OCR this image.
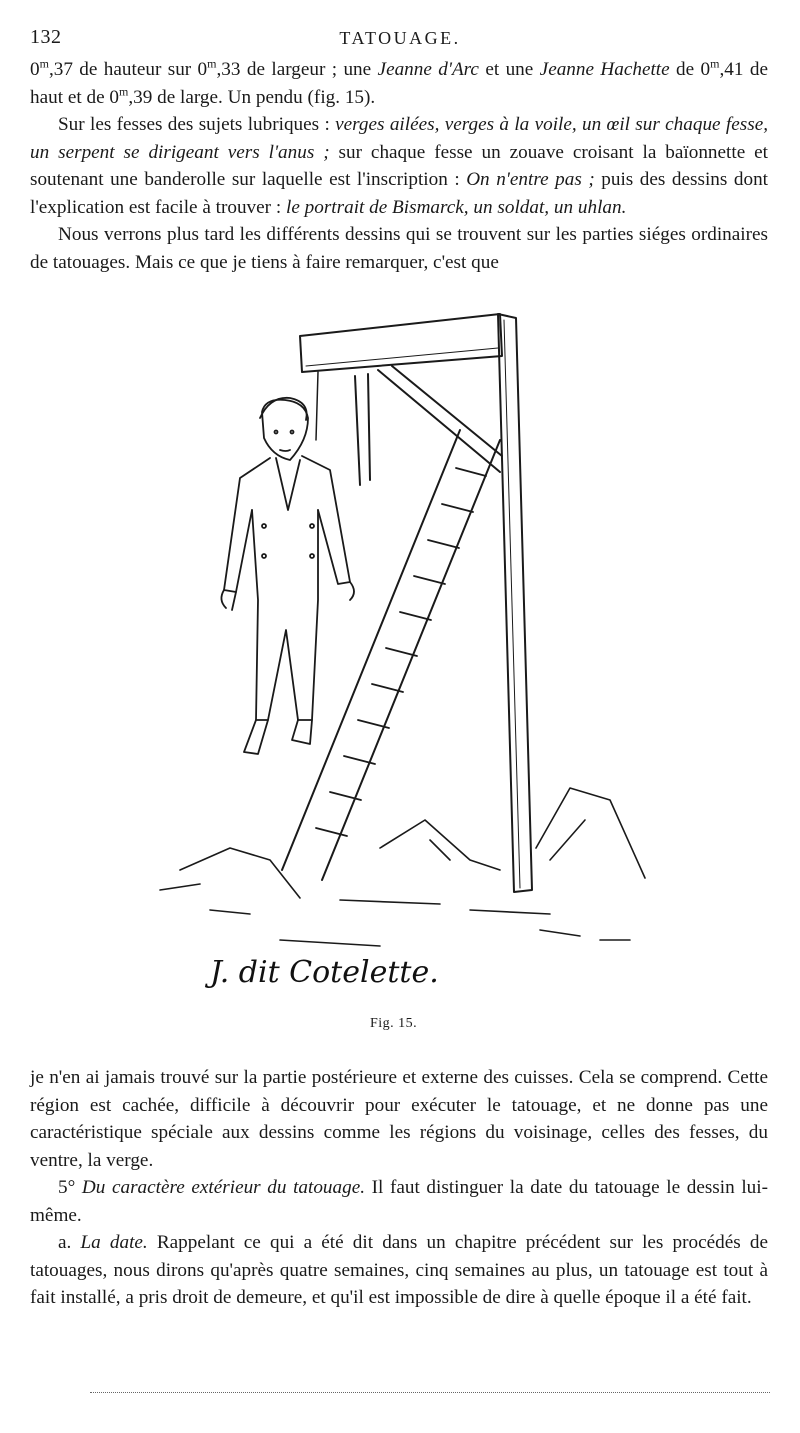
132	TATOUAGE.

0$^m$,37 de hauteur sur 0$^m$,33 de largeur ; une Jeanne d'Arc et une Jeanne Hachette de 0$^m$,41 de haut et de 0$^m$,39 de large. Un pendu (fig. 15).

Sur les fesses des sujets lubriques : verges ailées, verges à la voile, un œil sur chaque fesse, un serpent se dirigeant vers l'anus ; sur chaque fesse un zouave croisant la baïonnette et soutenant une banderolle sur laquelle est l'inscription : On n'entre pas ; puis des dessins dont l'explication est facile à trouver : le portrait de Bismarck, un soldat, un uhlan.

Nous verrons plus tard les différents dessins qui se trouvent sur les parties siéges ordinaires de tatouages. Mais ce que je tiens à faire remarquer, c'est que

J. dit Cotelette.
Fig. 15.

je n'en ai jamais trouvé sur la partie postérieure et externe des cuisses. Cela se comprend. Cette région est cachée, difficile à découvrir pour exécuter le tatouage, et ne donne pas une caractéristique spéciale aux dessins comme les régions du voisinage, celles des fesses, du ventre, la verge.

5° Du caractère extérieur du tatouage. Il faut distinguer la date du tatouage le dessin lui-même.

a. La date. Rappelant ce qui a été dit dans un chapitre précédent sur les procédés de tatouages, nous dirons qu'après quatre semaines, cinq semaines au plus, un tatouage est tout à fait installé, a pris droit de demeure, et qu'il est impossible de dire à quelle époque il a été fait.
